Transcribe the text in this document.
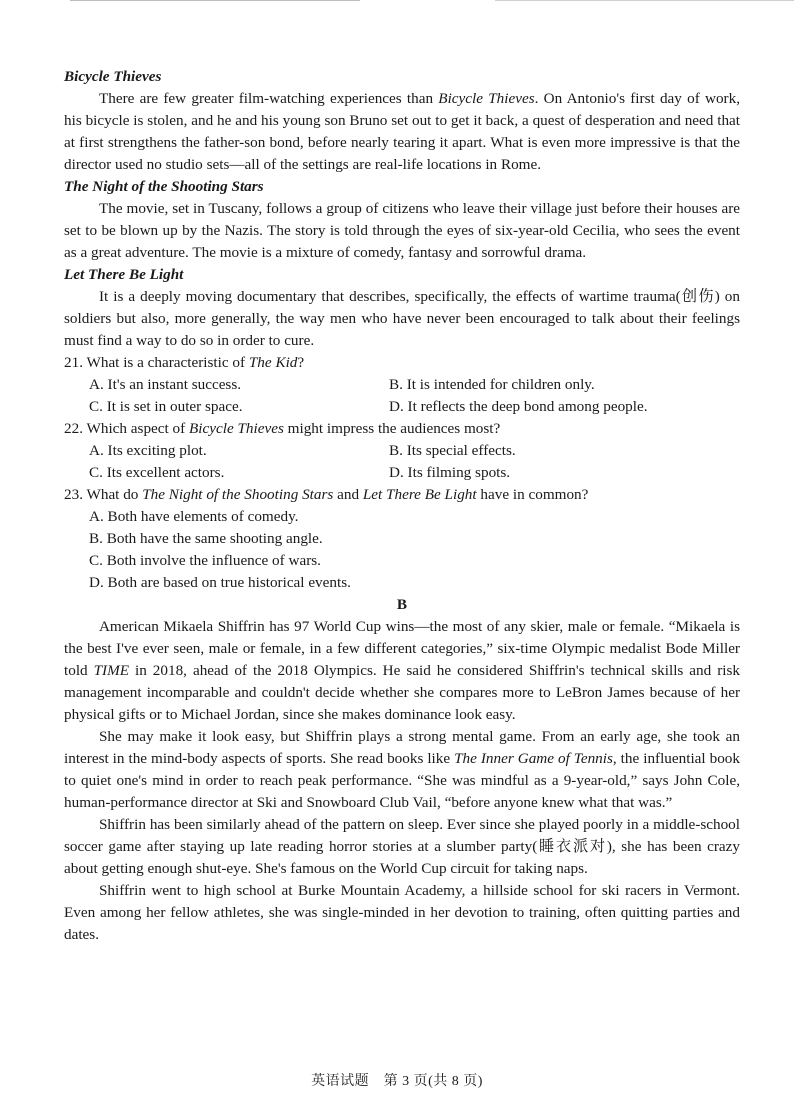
Bicycle Thieves

There are few greater film-watching experiences than Bicycle Thieves. On Antonio's first day of work, his bicycle is stolen, and he and his young son Bruno set out to get it back, a quest of desperation and need that at first strengthens the father-son bond, before nearly tearing it apart. What is even more impressive is that the director used no studio sets—all of the settings are real-life locations in Rome.

The Night of the Shooting Stars

The movie, set in Tuscany, follows a group of citizens who leave their village just before their houses are set to be blown up by the Nazis. The story is told through the eyes of six-year-old Cecilia, who sees the event as a great adventure. The movie is a mixture of comedy, fantasy and sorrowful drama.

Let There Be Light

It is a deeply moving documentary that describes, specifically, the effects of wartime trauma(创伤) on soldiers but also, more generally, the way men who have never been encouraged to talk about their feelings must find a way to do so in order to cure.

21. What is a characteristic of The Kid?

A. It's an instant success.	B. It is intended for children only.
C. It is set in outer space.	D. It reflects the deep bond among people.

22. Which aspect of Bicycle Thieves might impress the audiences most?

A. Its exciting plot.	B. Its special effects.
C. Its excellent actors.	D. Its filming spots.

23. What do The Night of the Shooting Stars and Let There Be Light have in common?

A. Both have elements of comedy.
B. Both have the same shooting angle.
C. Both involve the influence of wars.
D. Both are based on true historical events.

B

American Mikaela Shiffrin has 97 World Cup wins—the most of any skier, male or female. “Mikaela is the best I've ever seen, male or female, in a few different categories,” six-time Olympic medalist Bode Miller told TIME in 2018, ahead of the 2018 Olympics. He said he considered Shiffrin's technical skills and risk management incomparable and couldn't decide whether she compares more to LeBron James because of her physical gifts or to Michael Jordan, since she makes dominance look easy.

She may make it look easy, but Shiffrin plays a strong mental game. From an early age, she took an interest in the mind-body aspects of sports. She read books like The Inner Game of Tennis, the influential book to quiet one's mind in order to reach peak performance. “She was mindful as a 9-year-old,” says John Cole, human-performance director at Ski and Snowboard Club Vail, “before anyone knew what that was.”

Shiffrin has been similarly ahead of the pattern on sleep. Ever since she played poorly in a middle-school soccer game after staying up late reading horror stories at a slumber party(睡衣派对), she has been crazy about getting enough shut-eye. She's famous on the World Cup circuit for taking naps.

Shiffrin went to high school at Burke Mountain Academy, a hillside school for ski racers in Vermont. Even among her fellow athletes, she was single-minded in her devotion to training, often quitting parties and dates.

英语试题　第 3 页(共 8 页)
